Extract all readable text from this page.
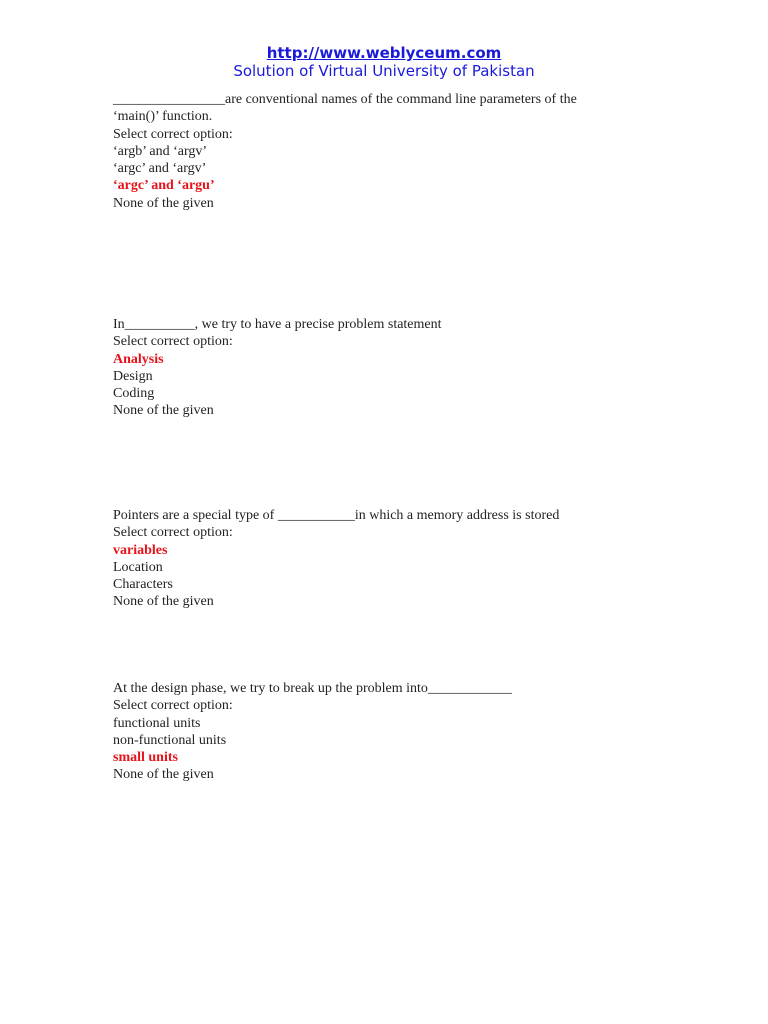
http://www.weblyceum.com
Solution of Virtual University of Pakistan
________________are conventional names of the command line parameters of the
‘main()’ function.
Select correct option:
‘argb’ and ‘argv’
‘argc’ and ‘argv’
‘argc’ and ‘argu’
None of the given
In__________, we try to have a precise problem statement
Select correct option:
Analysis
Design
Coding
None of the given
Pointers are a special type of ___________in which a memory address is stored
Select correct option:
variables
Location
Characters
None of the given
At the design phase, we try to break up the problem into____________
Select correct option:
functional units
non-functional units
small units
None of the given
